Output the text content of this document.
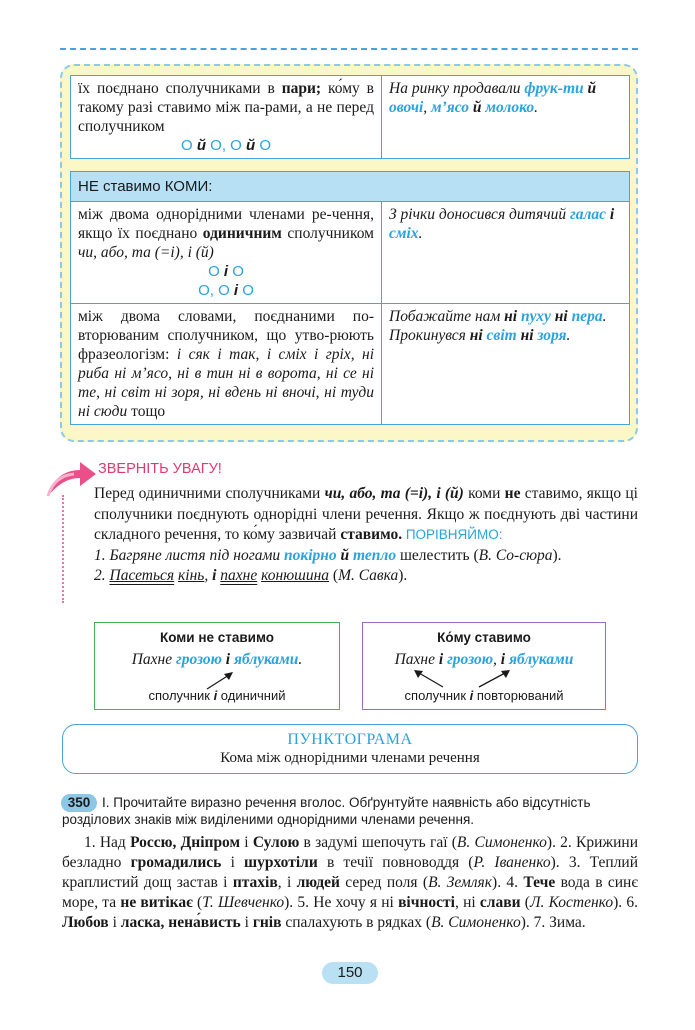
їх поєднано сполучниками в пари; ко́му в такому разі ставимо між па-рами, а не перед сполучником
О й О, О й О
	На ринку продавали фрук-ти й овочі, м’ясо й молоко.
НЕ ставимо КОМИ:	
між двома однорідними членами ре-чення, якщо їх поєднано одиничним сполучником чи, або, та (=і), і (й)
О і О
О, О і О	З річки доносився дитячий галас і сміх.
між двома словами, поєднаними по-вторюваним сполучником, що утво-рюють фразеологізм: і сяк і так, і сміх і гріх, ні риба ні м’ясо, ні в тин ні в ворота, ні се ні те, ні світ ні зоря, ні вдень ні вночі, ні туди ні сюди тощо	Побажайте нам ні пуху ні пера.
Прокинувся ні світ ні зоря.
ЗВЕРНІТЬ УВАГУ!

Перед одиничними сполучниками чи, або, та (=і), і (й) коми не ставимо, якщо ці сполучники поєднують однорідні члени речення. Якщо ж поєднують дві частини складного речення, то ко́му зазвичай ставимо. ПОРІВНЯЙМО:

1. Багряне листя під ногами покірно й тепло шелестить (В. Со-сюра).

2. Пасеться кінь, і пахне конюшина (М. Савка).

Коми не ставимо
Пахне грозою і яблуками.
сполучник і одиничний
Ко́му ставимо
Пахне і грозою, і яблуками
сполучник і повторюваний
ПУНКТОГРАМА
Кома між однорідними членами речення
І. Прочитайте виразно речення вголос. Обґрунтуйте наявність або відсутність розділових знаків між виділеними однорідними членами речення.
350

1. Над Россю, Дніпром і Сулою в задумі шепочуть гаї (В. Симоненко). 2. Крижини безладно громадились і шурхотіли в течії повноводдя (Р. Іваненко). 3. Теплий краплистий дощ застав і птахів, і людей серед поля (В. Земляк). 4. Тече вода в синє море, та не витікає (Т. Шевченко). 5. Не хочу я ні вічності, ні слави (Л. Костенко). 6. Любов і ласка, нена́висть і гнів спалахують в рядках (В. Симоненко). 7. Зима.

150
